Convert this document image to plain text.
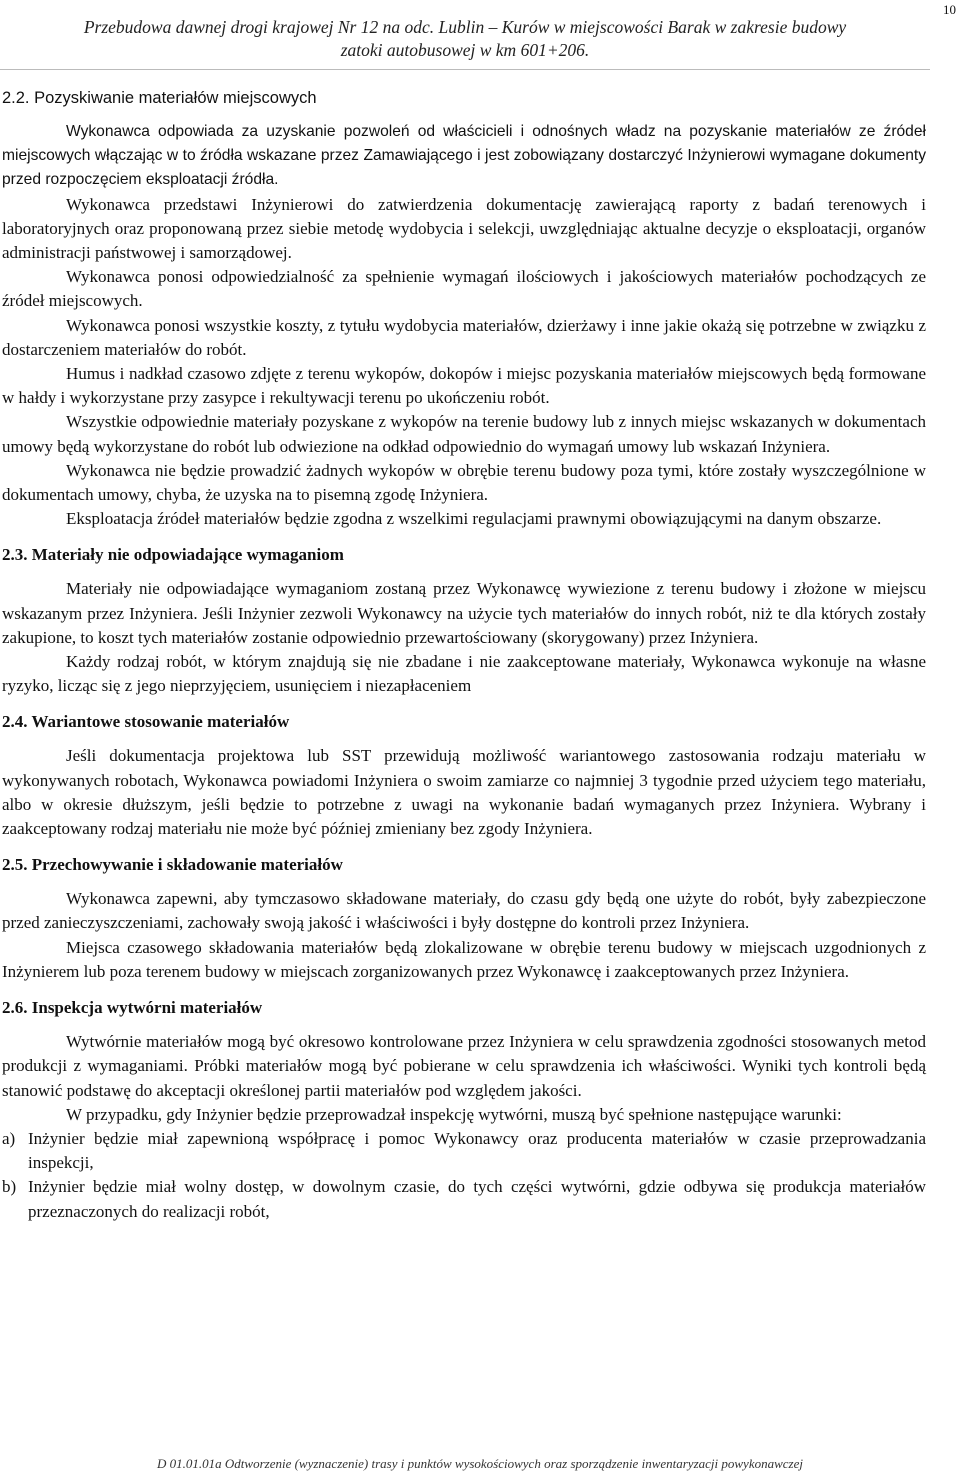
10
Przebudowa dawnej drogi krajowej Nr 12 na odc. Lublin – Kurów w miejscowości Barak w zakresie budowy
zatoki autobusowej w km 601+206.
2.2. Pozyskiwanie materiałów miejscowych

Wykonawca odpowiada za uzyskanie pozwoleń od właścicieli i odnośnych władz na pozyskanie materiałów ze źródeł miejscowych włączając w to źródła wskazane przez Zamawiającego i jest zobowiązany dostarczyć Inżynierowi wymagane dokumenty przed rozpoczęciem eksploatacji źródła.

Wykonawca przedstawi Inżynierowi do zatwierdzenia dokumentację zawierającą raporty z badań terenowych i laboratoryjnych oraz proponowaną przez siebie metodę wydobycia i selekcji, uwzględniając aktualne decyzje o eksploatacji, organów administracji państwowej i samorządowej.

Wykonawca ponosi odpowiedzialność za spełnienie wymagań ilościowych i jakościowych materiałów pochodzących ze źródeł miejscowych.

Wykonawca ponosi wszystkie koszty, z tytułu wydobycia materiałów, dzierżawy i inne jakie okażą się potrzebne w związku z dostarczeniem materiałów do robót.

Humus i nadkład czasowo zdjęte z terenu wykopów, dokopów i miejsc pozyskania materiałów miejscowych będą formowane w hałdy i wykorzystane przy zasypce i rekultywacji terenu po ukończeniu robót.

Wszystkie odpowiednie materiały pozyskane z wykopów na terenie budowy lub z innych miejsc wskazanych w dokumentach umowy będą wykorzystane do robót lub odwiezione na odkład odpowiednio do wymagań umowy lub wskazań Inżyniera.

Wykonawca nie będzie prowadzić żadnych wykopów w obrębie terenu budowy poza tymi, które zostały wyszczególnione w dokumentach umowy, chyba, że uzyska na to pisemną zgodę Inżyniera.

Eksploatacja źródeł materiałów będzie zgodna z wszelkimi regulacjami prawnymi obowiązującymi na danym obszarze.

2.3. Materiały nie odpowiadające wymaganiom

Materiały nie odpowiadające wymaganiom zostaną przez Wykonawcę wywiezione z terenu budowy i złożone w miejscu wskazanym przez Inżyniera. Jeśli Inżynier zezwoli Wykonawcy na użycie tych materiałów do innych robót, niż te dla których zostały zakupione, to koszt tych materiałów zostanie odpowiednio przewartościowany (skorygowany) przez Inżyniera.

Każdy rodzaj robót, w którym znajdują się nie zbadane i nie zaakceptowane materiały, Wykonawca wykonuje na własne ryzyko, licząc się z jego nieprzyjęciem, usunięciem i niezapłaceniem

2.4. Wariantowe stosowanie materiałów

Jeśli dokumentacja projektowa lub SST przewidują możliwość wariantowego zastosowania rodzaju materiału w wykonywanych robotach, Wykonawca powiadomi Inżyniera o swoim zamiarze co najmniej 3 tygodnie przed użyciem tego materiału, albo w okresie dłuższym, jeśli będzie to potrzebne z uwagi na wykonanie badań wymaganych przez Inżyniera. Wybrany i zaakceptowany rodzaj materiału nie może być później zmieniany bez zgody Inżyniera.

2.5. Przechowywanie i składowanie materiałów

Wykonawca zapewni, aby tymczasowo składowane materiały, do czasu gdy będą one użyte do robót, były zabezpieczone przed zanieczyszczeniami, zachowały swoją jakość i właściwości i były dostępne do kontroli przez Inżyniera.

Miejsca czasowego składowania materiałów będą zlokalizowane w obrębie terenu budowy w miejscach uzgodnionych z Inżynierem lub poza terenem budowy w miejscach zorganizowanych przez Wykonawcę i zaakceptowanych przez Inżyniera.

2.6. Inspekcja wytwórni materiałów

Wytwórnie materiałów mogą być okresowo kontrolowane przez Inżyniera w celu sprawdzenia zgodności stosowanych metod produkcji z wymaganiami. Próbki materiałów mogą być pobierane w celu sprawdzenia ich właściwości. Wyniki tych kontroli będą stanowić podstawę do akceptacji określonej partii materiałów pod względem jakości.

W przypadku, gdy Inżynier będzie przeprowadzał inspekcję wytwórni, muszą być spełnione następujące warunki:

a) Inżynier będzie miał zapewnioną współpracę i pomoc Wykonawcy oraz producenta materiałów w czasie przeprowadzania inspekcji,
b) Inżynier będzie miał wolny dostęp, w dowolnym czasie, do tych części wytwórni, gdzie odbywa się produkcja materiałów przeznaczonych do realizacji robót,
D 01.01.01a Odtworzenie (wyznaczenie) trasy i punktów wysokościowych oraz sporządzenie inwentaryzacji powykonawczej
